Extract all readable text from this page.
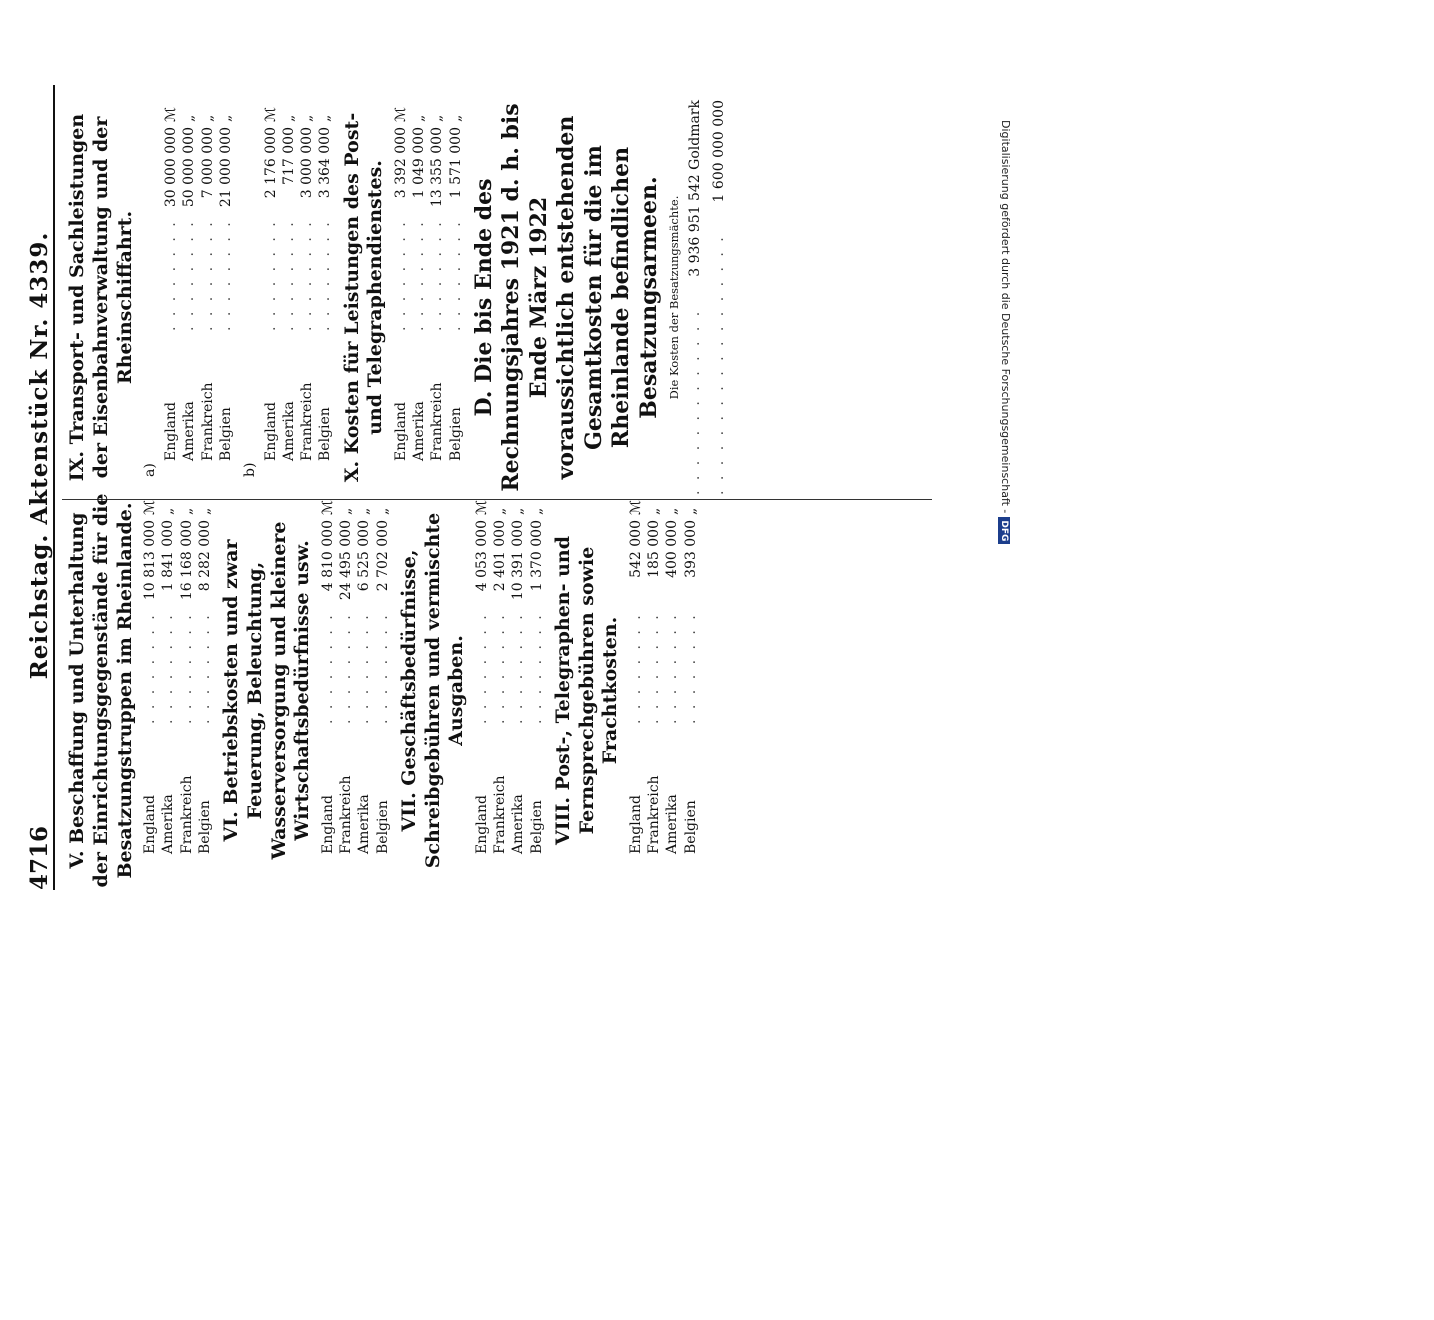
4716
Reichstag. Aktenstück Nr. 4339.
V. Beschaffung und Unterhaltung der Einrichtungsgegenstände für die Besatzungstruppen im Rheinlande. England
. . .
10 813 000
ℳ
Amerika
. . .
1 841 000
„
Frankreich
. . .
16 168 000
„
Belgien
. . .
8 282 000
„
VI. Betriebskosten und zwar Feuerung, Beleuchtung, Wasserversorgung und kleinere Wirtschaftsbedürfnisse usw. England
. . .
4 810 000
ℳ
Frankreich
. . .
24 495 000
„
Amerika
. . .
6 525 000
„
Belgien
. . .
2 702 000
„
VII. Geschäftsbedürfnisse, Schreibgebühren und vermischte Ausgaben.
England
. . .
4 053 000
ℳ
Frankreich
. . .
2 401 000
„
Amerika
. . .
10 391 000
„
Belgien
. . .
1 370 000
„
VIII. Post-, Telegraphen- und Fernsprechgebühren sowie Frachtkosten.
England
. . .
542 000
ℳ
Frankreich
. . .
185 000
„
Amerika
. . .
400 000
„
Belgien
. . .
393 000
„
IX. Transport- und Sachleistungen der Eisenbahnverwaltung und der Rheinschiffahrt.
a)
England
. . .
30 000 000
ℳ
Amerika
. . .
50 000 000
„
Frankreich
. . .
7 000 000
„
Belgien
. . .
21 000 000
„
b)
England
. . .
2 176 000
ℳ
Amerika
. . .
717 000
„
Frankreich
. . .
3 000 000
„
Belgien
. . .
3 364 000
„ X. Kosten für Leistungen des Post- und Telegraphendienstes. England
. . .
3 392 000
ℳ
Amerika
. . .
1 049 000
„
Frankreich
. . .
13 355 000
„
Belgien
. . .
1 571 000
„
D. Die bis Ende des Rechnungsjahres 1921 d. h. bis Ende März 1922 voraussichtlich entstehenden Gesamtkosten für die im Rheinlande befindlichen Besatzungsarmeen. Die Kosten der Besatzungsmächte.
. . .
3 936 951 542 Goldmark
. . . 1 600 000 000	Digitalisierung gefördert durch die Deutsche Forschungsgemeinschaft -DFG
